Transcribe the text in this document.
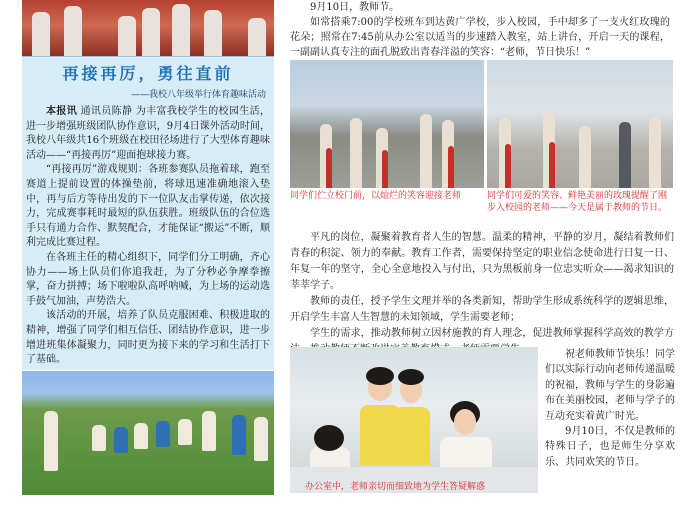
再接再厉，勇往直前
——我校八年级举行体育趣味活动

本报讯 通讯员陈静 为丰富我校学生的校园生活，进一步增强班级团队协作意识，9月4日课外活动时间，我校八年级共16个班级在校田径场进行了大型体育趣味活动——“再接再厉”迎面抱球接力赛。

“再接再厉”游戏规则：各班参赛队员拖着球，跑至赛道上提前设置的体操垫前，将球迅速准确地滚入垫中，再与后方等待出发的下一位队友击掌传递，依次接力，完成赛事耗时最短的队伍获胜。班级队伍的合位选手只有通力合作、默契配合，才能保证“搬运”不断，顺利完成比赛过程。

在各班主任的精心组织下，同学们分工明确，齐心协力——场上队员们你追我赶，为了分秒必争摩拳擦掌，奋力拼搏；场下啦啦队高呼呐喊，为上场的运动选手鼓气加油，声势浩大。

该活动的开展，培养了队员克服困难、积极进取的精神，增强了同学们相互信任、团结协作意识，进一步增进班集体凝聚力，同时更为接下来的学习和生活打下了基础。

9月10日，教师节。

如常搭乘7:00的学校班车到达黄广学校，步入校园，手中却多了一支火红玫瑰的花朵；照常在7:45前从办公室以适当的步速踏入教室，站上讲台，开启一天的课程，一副副认真专注的面孔脱致出青春洋溢的笑容：“老师，节日快乐！”

同学们伫立校门前，以灿烂的笑容迎接老师	同学们可爱的笑容、鲜艳美丽的玫瑰提醒了刚步入校园的老师——今天是属于教师的节日。

平凡的岗位，凝聚着教育者人生的智慧。温柔的精神，平静的岁月，凝结着教师们青春的积淀、领力的奉献。教育工作者，需要保持坚定的职业信念使命进行日复一日、年复一年的坚守，全心全意地投入与付出，只为黑板前身一位忠实听众——渴求知识的莘莘学子。

教师的责任，授予学生文理并举的各类新知，帮助学生形成系统科学的逻辑思维，开启学生丰富人生智慧的未知领域，学生需要老师；

学生的需求，推动教师树立因材施教的育人理念，促进教师掌握科学高效的教学方

办公室中，老师亲切而细致地为学生答疑解惑

祝老师教师节快乐！同学们以实际行动向老师传递温暖的祝福，教师与学生的身影遍布在美丽校园，老师与学子的互动充实着黄广时光。

9月10日，不仅是教师的特殊日子，也是师生分享欢乐、共同欢笑的节日。
